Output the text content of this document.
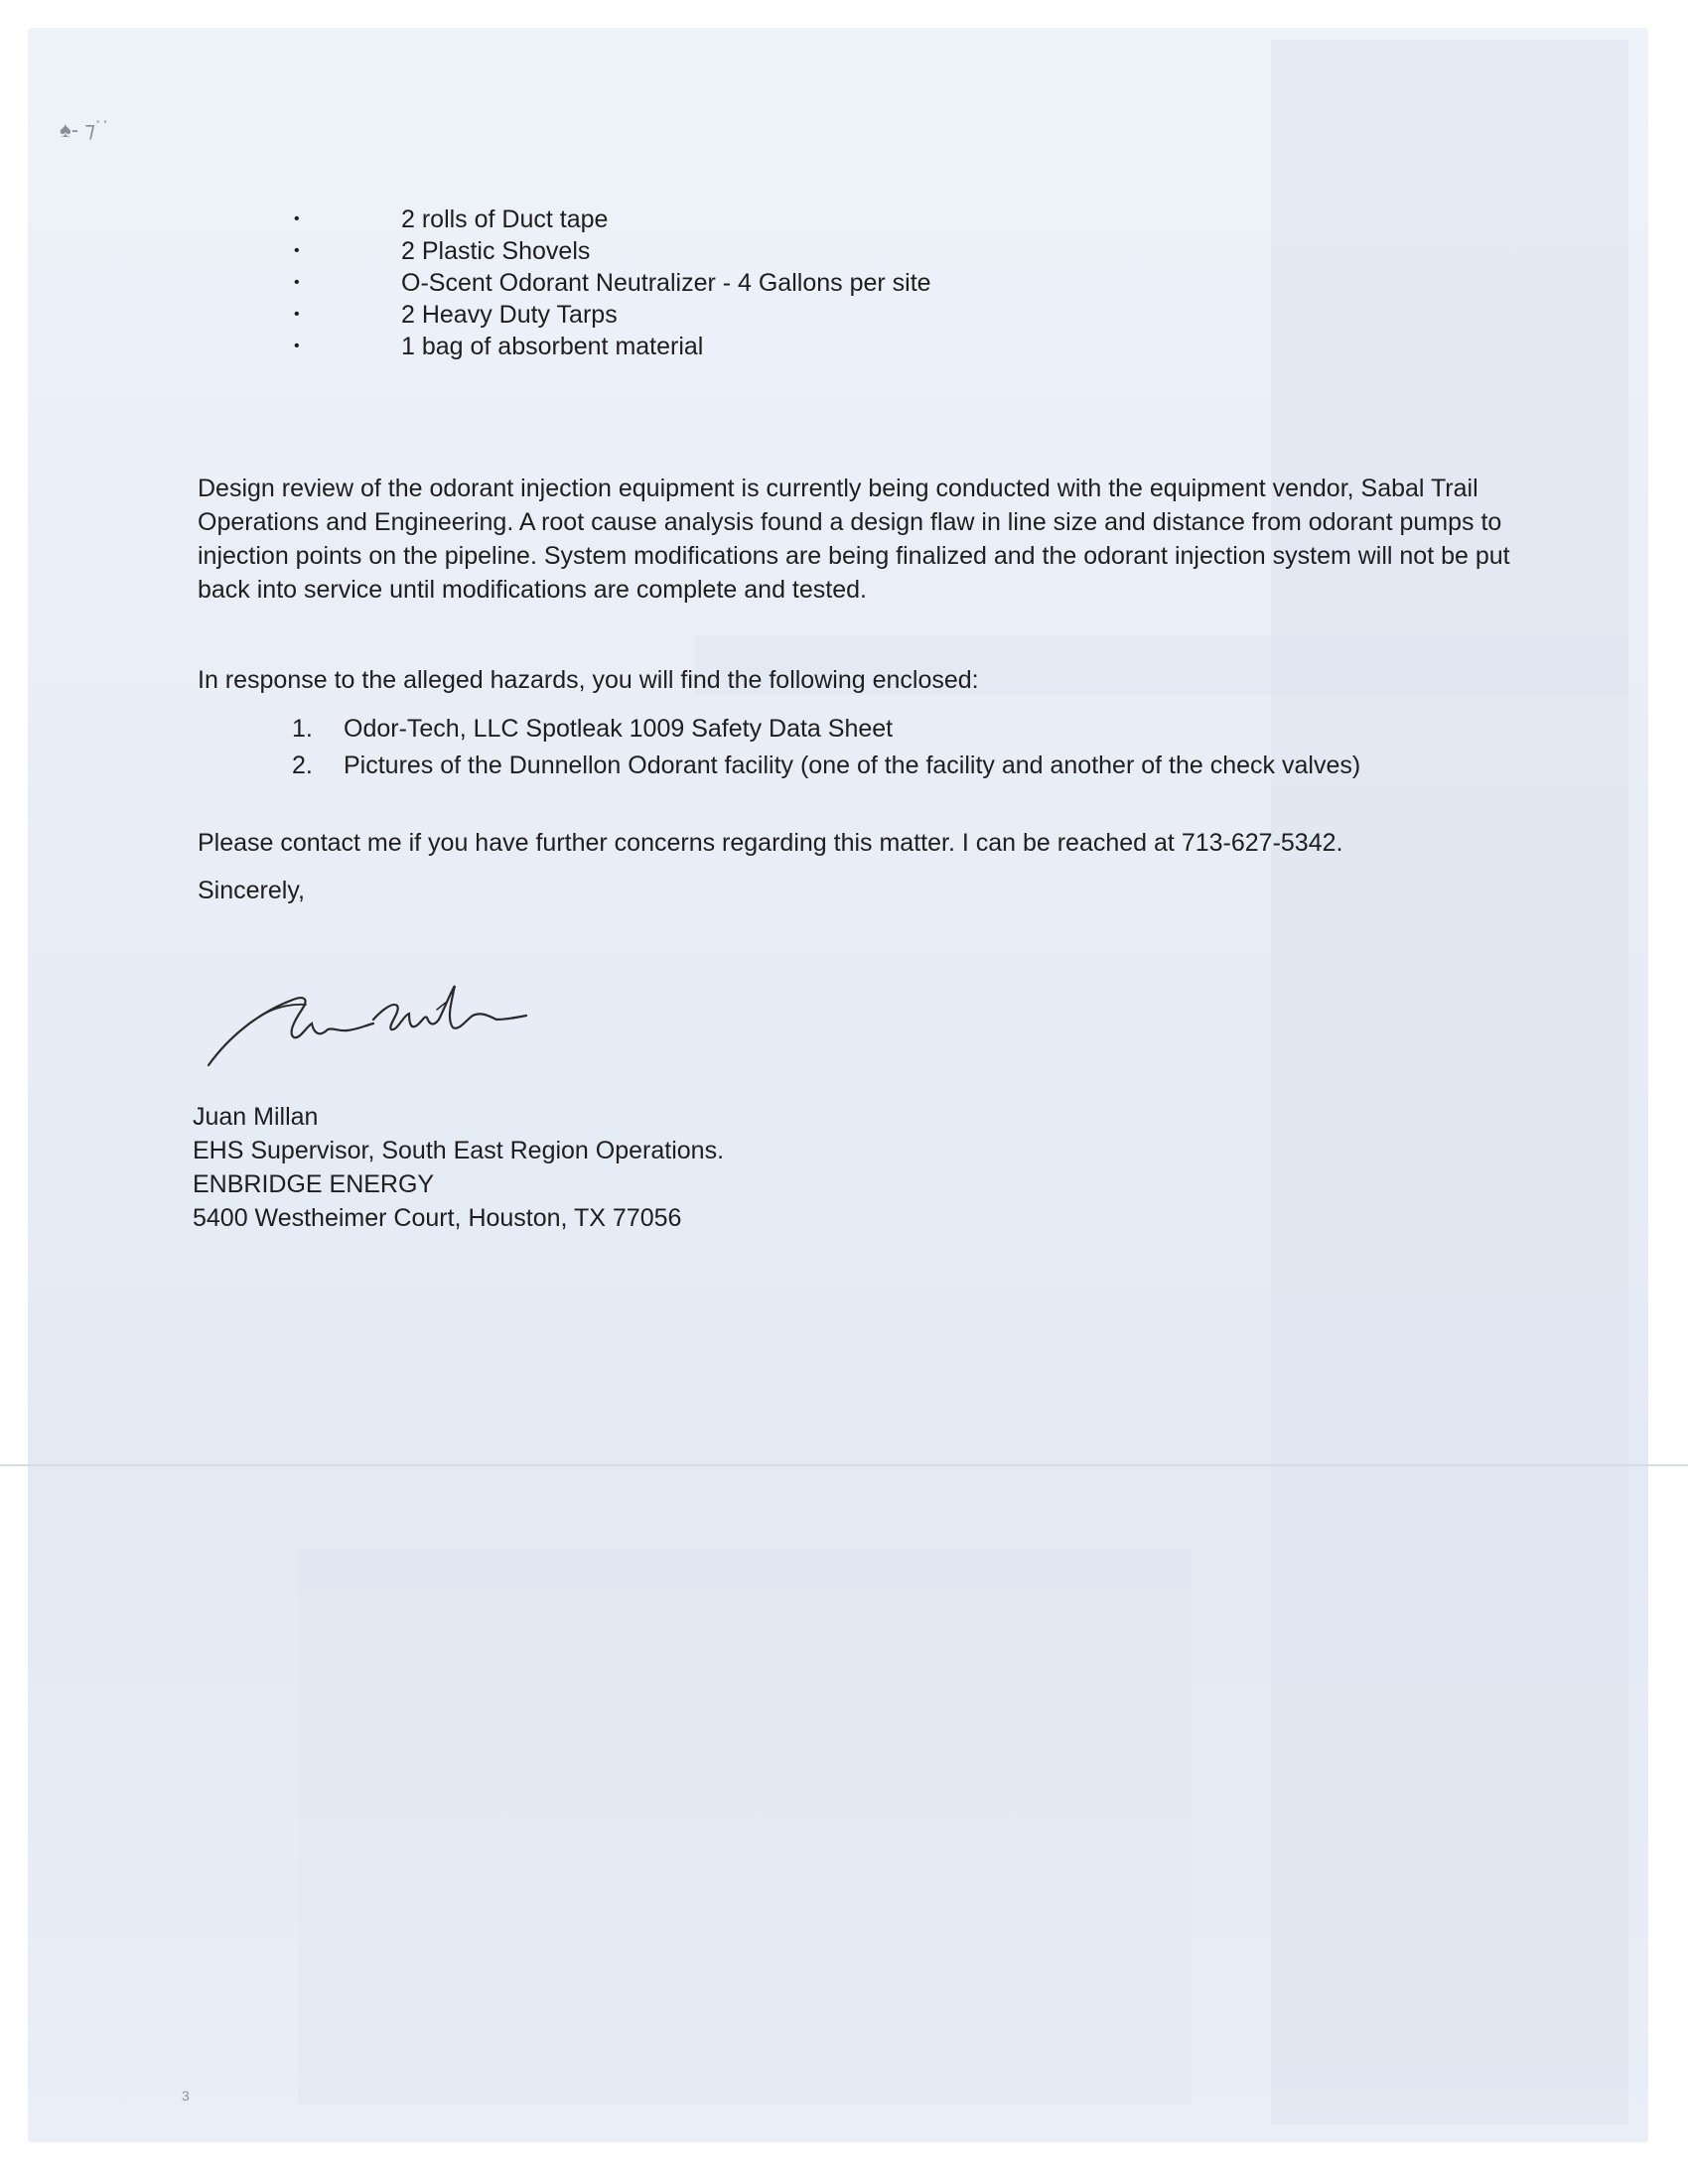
♠- ⁊˙˙
•	2 rolls of Duct tape
•	2 Plastic Shovels
•	O-Scent Odorant Neutralizer - 4 Gallons per site
•	2 Heavy Duty Tarps
•	1 bag of absorbent material

Design review of the odorant injection equipment is currently being conducted with the equipment vendor, Sabal Trail Operations and Engineering. A root cause analysis found a design flaw in line size and distance from odorant pumps to injection points on the pipeline. System modifications are being finalized and the odorant injection system will not be put back into service until modifications are complete and tested.

In response to the alleged hazards, you will find the following enclosed:

1. Odor-Tech, LLC Spotleak 1009 Safety Data Sheet
2. Pictures of the Dunnellon Odorant facility (one of the facility and another of the check valves)

Please contact me if you have further concerns regarding this matter. I can be reached at 713-627-5342.

Sincerely,

Juan Millan
EHS Supervisor, South East Region Operations.
ENBRIDGE ENERGY
5400 Westheimer Court, Houston, TX 77056
3
